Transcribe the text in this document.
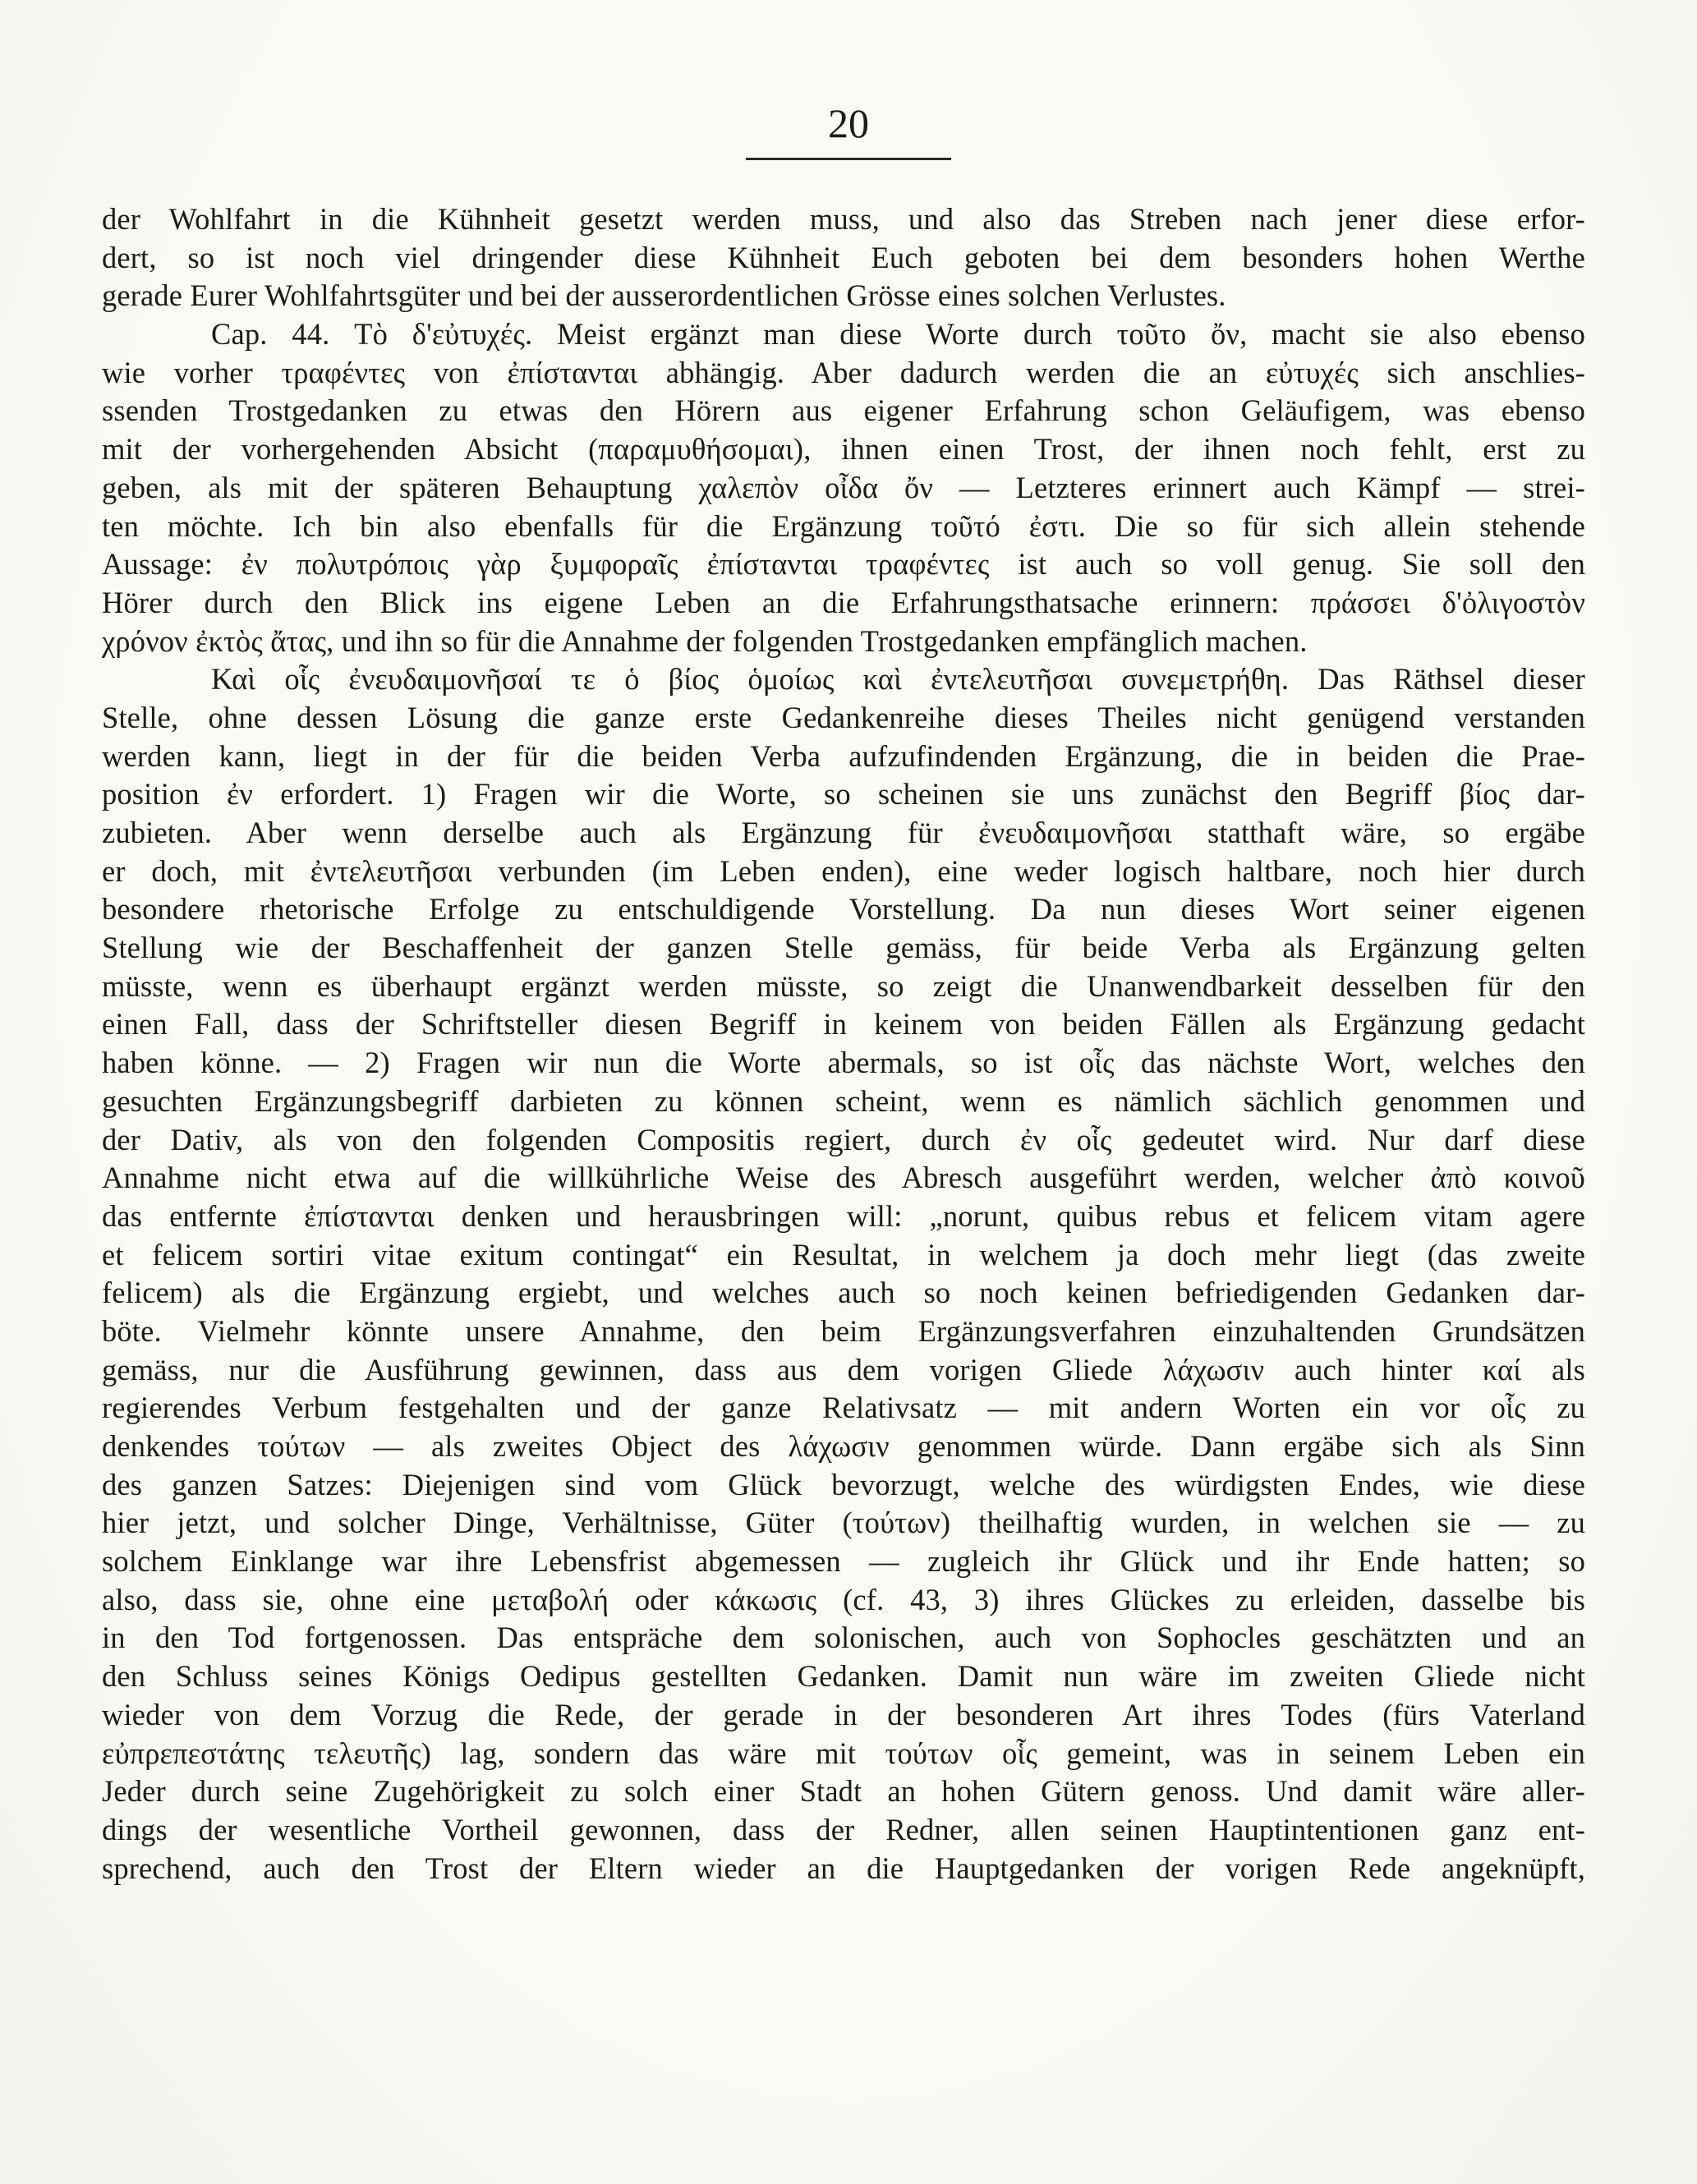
20
der Wohlfahrt in die Kühnheit gesetzt werden muss, und also das Streben nach jener diese erfor-
dert, so ist noch viel dringender diese Kühnheit Euch geboten bei dem besonders hohen Werthe
gerade Eurer Wohlfahrtsgüter und bei der ausserordentlichen Grösse eines solchen Verlustes.
Cap. 44. Τὸ δ'εὐτυχές. Meist ergänzt man diese Worte durch τοῦτο ὄν, macht sie also ebenso
wie vorher τραφέντες von ἐπίστανται abhängig. Aber dadurch werden die an εὐτυχές sich anschlies-
ssenden Trostgedanken zu etwas den Hörern aus eigener Erfahrung schon Geläufigem, was ebenso
mit der vorhergehenden Absicht (παραμυθήσομαι), ihnen einen Trost, der ihnen noch fehlt, erst zu
geben, als mit der späteren Behauptung χαλεπὸν οἶδα ὄν — Letzteres erinnert auch Kämpf — strei-
ten möchte. Ich bin also ebenfalls für die Ergänzung τοῦτό ἐστι. Die so für sich allein stehende
Aussage: ἐν πολυτρόποις γὰρ ξυμφοραῖς ἐπίστανται τραφέντες ist auch so voll genug. Sie soll den
Hörer durch den Blick ins eigene Leben an die Erfahrungsthatsache erinnern: πράσσει δ'ὀλιγοστὸν
χρόνον ἐκτὸς ἄτας, und ihn so für die Annahme der folgenden Trostgedanken empfänglich machen.
Καὶ οἷς ἐνευδαιμονῆσαί τε ὁ βίος ὁμοίως καὶ ἐντελευτῆσαι συνεμετρήθη. Das Räthsel dieser
Stelle, ohne dessen Lösung die ganze erste Gedankenreihe dieses Theiles nicht genügend verstanden
werden kann, liegt in der für die beiden Verba aufzufindenden Ergänzung, die in beiden die Prae-
position ἐν erfordert. 1) Fragen wir die Worte, so scheinen sie uns zunächst den Begriff βίος dar-
zubieten. Aber wenn derselbe auch als Ergänzung für ἐνευδαιμονῆσαι statthaft wäre, so ergäbe
er doch, mit ἐντελευτῆσαι verbunden (im Leben enden), eine weder logisch haltbare, noch hier durch
besondere rhetorische Erfolge zu entschuldigende Vorstellung. Da nun dieses Wort seiner eigenen
Stellung wie der Beschaffenheit der ganzen Stelle gemäss, für beide Verba als Ergänzung gelten
müsste, wenn es überhaupt ergänzt werden müsste, so zeigt die Unanwendbarkeit desselben für den
einen Fall, dass der Schriftsteller diesen Begriff in keinem von beiden Fällen als Ergänzung gedacht
haben könne. — 2) Fragen wir nun die Worte abermals, so ist οἷς das nächste Wort, welches den
gesuchten Ergänzungsbegriff darbieten zu können scheint, wenn es nämlich sächlich genommen und
der Dativ, als von den folgenden Compositis regiert, durch ἐν οἷς gedeutet wird. Nur darf diese
Annahme nicht etwa auf die willkührliche Weise des Abresch ausgeführt werden, welcher ἀπὸ κοινοῦ
das entfernte ἐπίστανται denken und herausbringen will: „norunt, quibus rebus et felicem vitam agere
et felicem sortiri vitae exitum contingat“ ein Resultat, in welchem ja doch mehr liegt (das zweite
felicem) als die Ergänzung ergiebt, und welches auch so noch keinen befriedigenden Gedanken dar-
böte. Vielmehr könnte unsere Annahme, den beim Ergänzungsverfahren einzuhaltenden Grundsätzen
gemäss, nur die Ausführung gewinnen, dass aus dem vorigen Gliede λάχωσιν auch hinter καί als
regierendes Verbum festgehalten und der ganze Relativsatz — mit andern Worten ein vor οἷς zu
denkendes τούτων — als zweites Object des λάχωσιν genommen würde. Dann ergäbe sich als Sinn
des ganzen Satzes: Diejenigen sind vom Glück bevorzugt, welche des würdigsten Endes, wie diese
hier jetzt, und solcher Dinge, Verhältnisse, Güter (τούτων) theilhaftig wurden, in welchen sie — zu
solchem Einklange war ihre Lebensfrist abgemessen — zugleich ihr Glück und ihr Ende hatten; so
also, dass sie, ohne eine μεταβολή oder κάκωσις (cf. 43, 3) ihres Glückes zu erleiden, dasselbe bis
in den Tod fortgenossen. Das entspräche dem solonischen, auch von Sophocles geschätzten und an
den Schluss seines Königs Oedipus gestellten Gedanken. Damit nun wäre im zweiten Gliede nicht
wieder von dem Vorzug die Rede, der gerade in der besonderen Art ihres Todes (fürs Vaterland
εὐπρεπεστάτης τελευτῆς) lag, sondern das wäre mit τούτων οἷς gemeint, was in seinem Leben ein
Jeder durch seine Zugehörigkeit zu solch einer Stadt an hohen Gütern genoss. Und damit wäre aller-
dings der wesentliche Vortheil gewonnen, dass der Redner, allen seinen Hauptintentionen ganz ent-
sprechend, auch den Trost der Eltern wieder an die Hauptgedanken der vorigen Rede angeknüpft,
